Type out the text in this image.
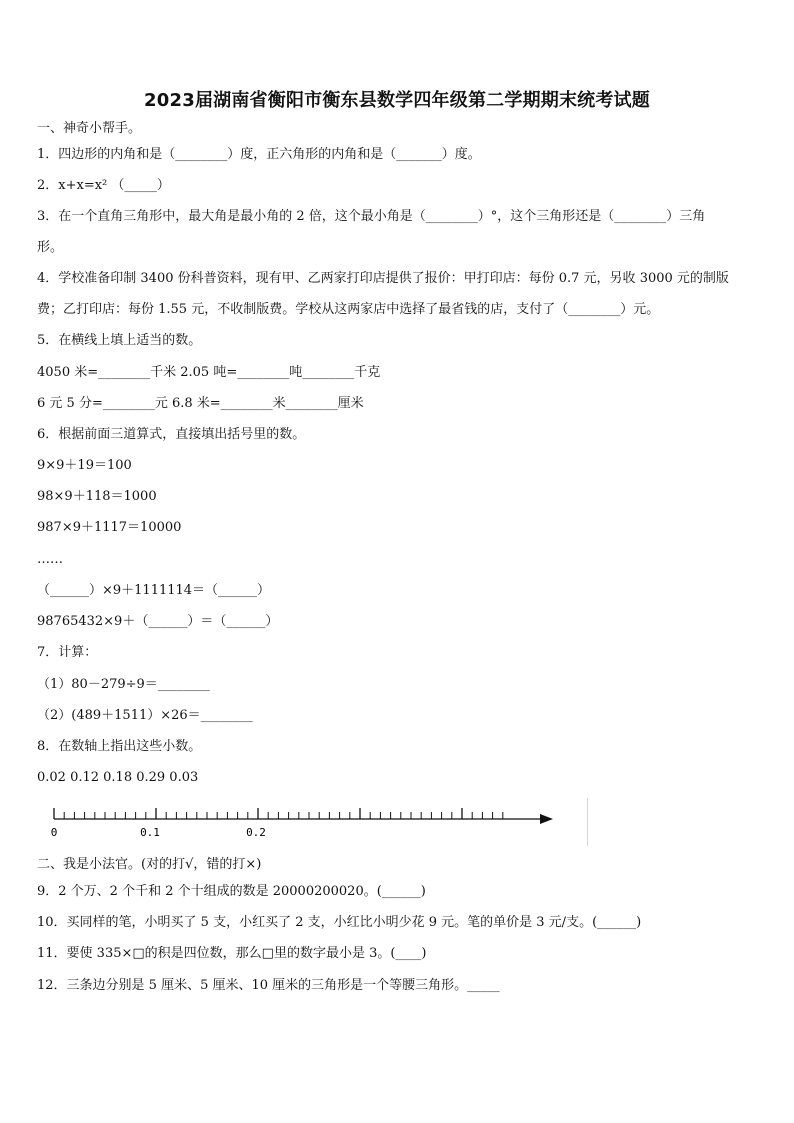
2023届湖南省衡阳市衡东县数学四年级第二学期期末统考试题
一、神奇小帮手。
1．四边形的内角和是（________）度，正六角形的内角和是（_______）度。
2．x+x=x² （_____）
3．在一个直角三角形中，最大角是最小角的 2 倍，这个最小角是（________）°，这个三角形还是（________）三角
形。
4．学校准备印制 3400 份科普资料，现有甲、乙两家打印店提供了报价：甲打印店：每份 0.7 元，另收 3000 元的制版
费；乙打印店：每份 1.55 元，不收制版费。学校从这两家店中选择了最省钱的店，支付了（________）元。
5．在横线上填上适当的数。
4050 米=________千米 2.05 吨=________吨________千克
6 元 5 分=________元 6.8 米=________米________厘米
6．根据前面三道算式，直接填出括号里的数。
9×9＋19＝100
98×9＋118＝1000
987×9＋1117＝10000
……
（______）×9＋1111114＝（______）
98765432×9＋（______）＝（______）
7．计算：
（1）80－279÷9＝________
（2）(489＋1511）×26＝________
8．在数轴上指出这些小数。
0.02 0.12 0.18 0.29 0.03
0	0.1	0.2
二、我是小法官。(对的打√，错的打×)
9．2 个万、2 个千和 2 个十组成的数是 20000200020。(______)
10．买同样的笔，小明买了 5 支，小红买了 2 支，小红比小明少花 9 元。笔的单价是 3 元/支。(______)
11．要使 335×□的积是四位数，那么□里的数字最小是 3。(____)
12．三条边分别是 5 厘米、5 厘米、10 厘米的三角形是一个等腰三角形。_____
